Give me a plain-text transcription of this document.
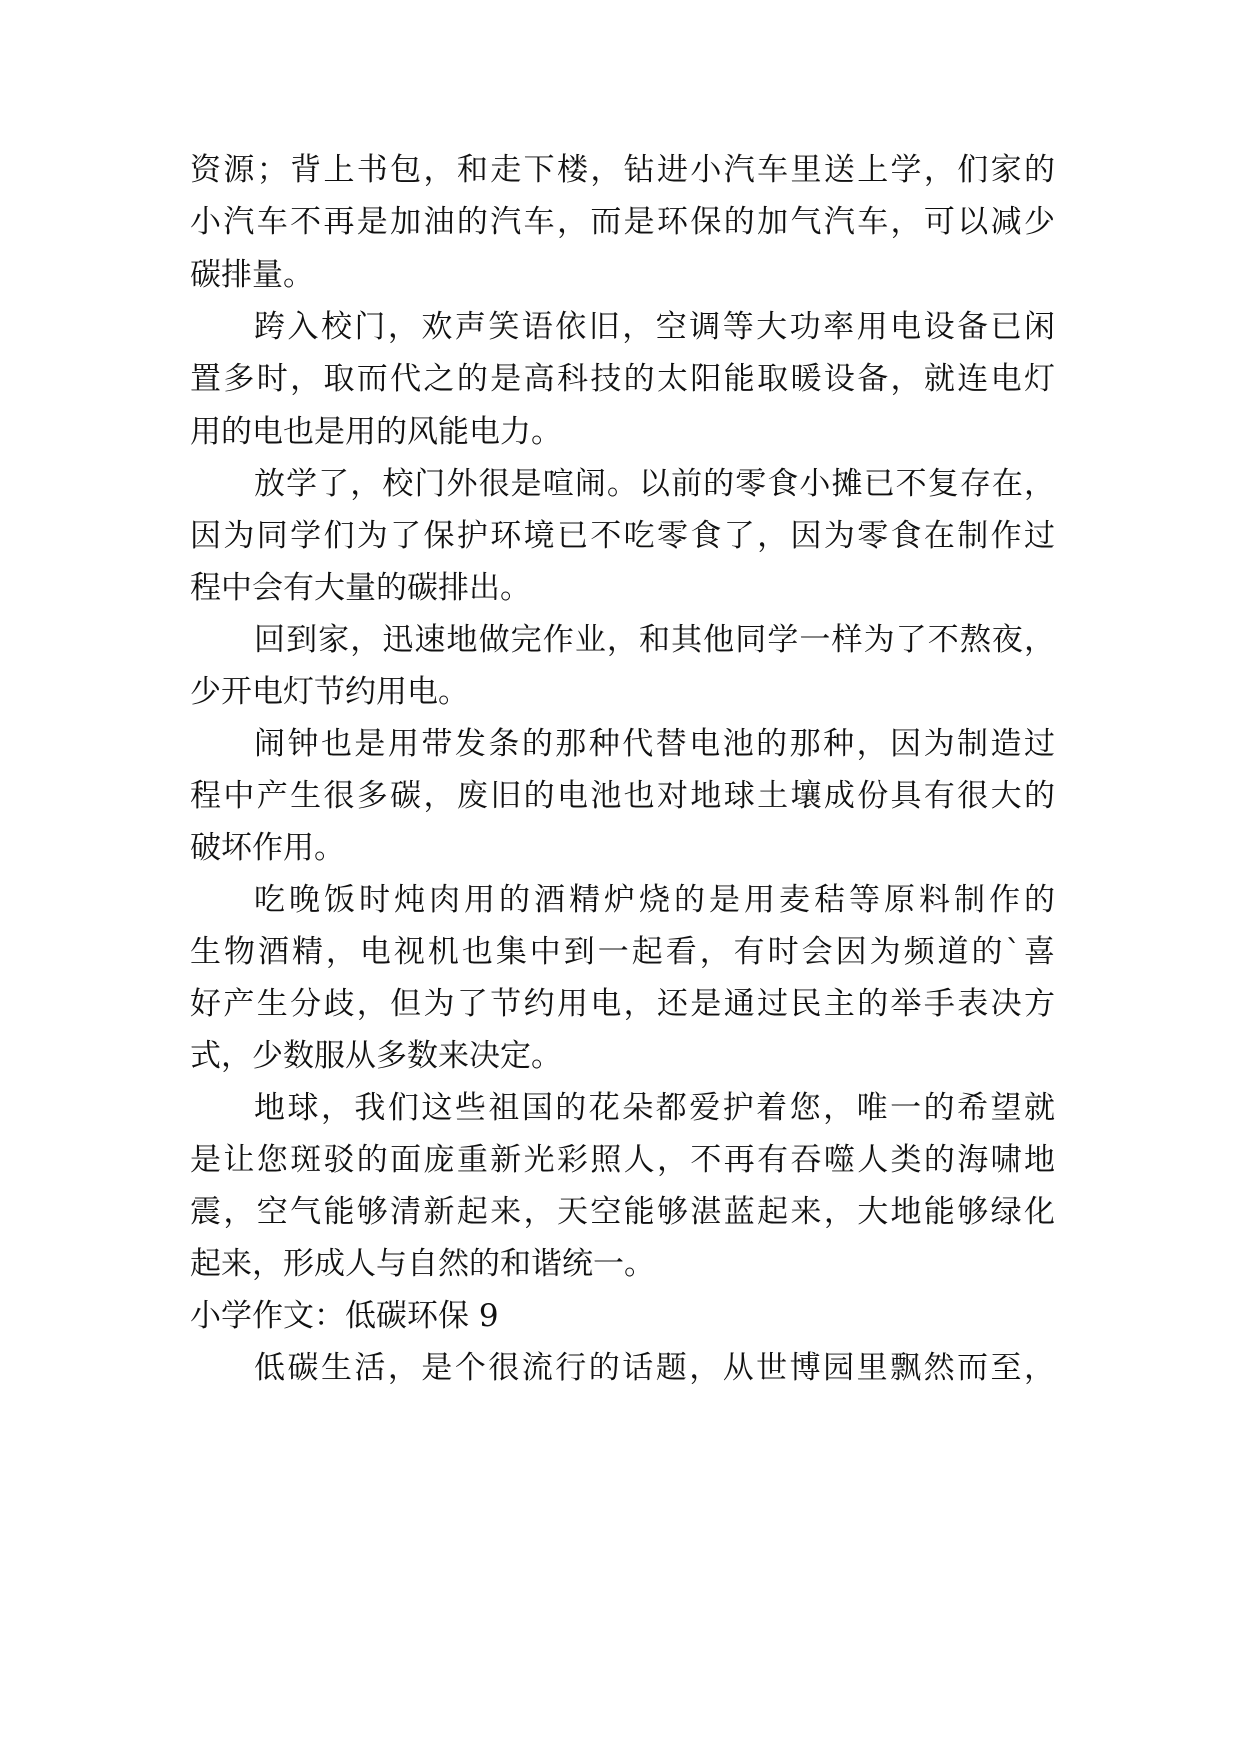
资源；背上书包，和走下楼，钻进小汽车里送上学，们家的
小汽车不再是加油的汽车，而是环保的加气汽车，可以减少
碳排量。
跨入校门，欢声笑语依旧，空调等大功率用电设备已闲
置多时，取而代之的是高科技的太阳能取暖设备，就连电灯
用的电也是用的风能电力。
放学了，校门外很是喧闹。以前的零食小摊已不复存在，
因为同学们为了保护环境已不吃零食了，因为零食在制作过
程中会有大量的碳排出。
回到家，迅速地做完作业，和其他同学一样为了不熬夜，
少开电灯节约用电。
闹钟也是用带发条的那种代替电池的那种，因为制造过
程中产生很多碳，废旧的电池也对地球土壤成份具有很大的
破坏作用。
吃晚饭时炖肉用的酒精炉烧的是用麦秸等原料制作的
生物酒精，电视机也集中到一起看，有时会因为频道的`喜
好产生分歧，但为了节约用电，还是通过民主的举手表决方
式，少数服从多数来决定。
地球，我们这些祖国的花朵都爱护着您，唯一的希望就
是让您斑驳的面庞重新光彩照人，不再有吞噬人类的海啸地
震，空气能够清新起来，天空能够湛蓝起来，大地能够绿化
起来，形成人与自然的和谐统一。
小学作文：低碳环保 9
低碳生活，是个很流行的话题，从世博园里飘然而至，
